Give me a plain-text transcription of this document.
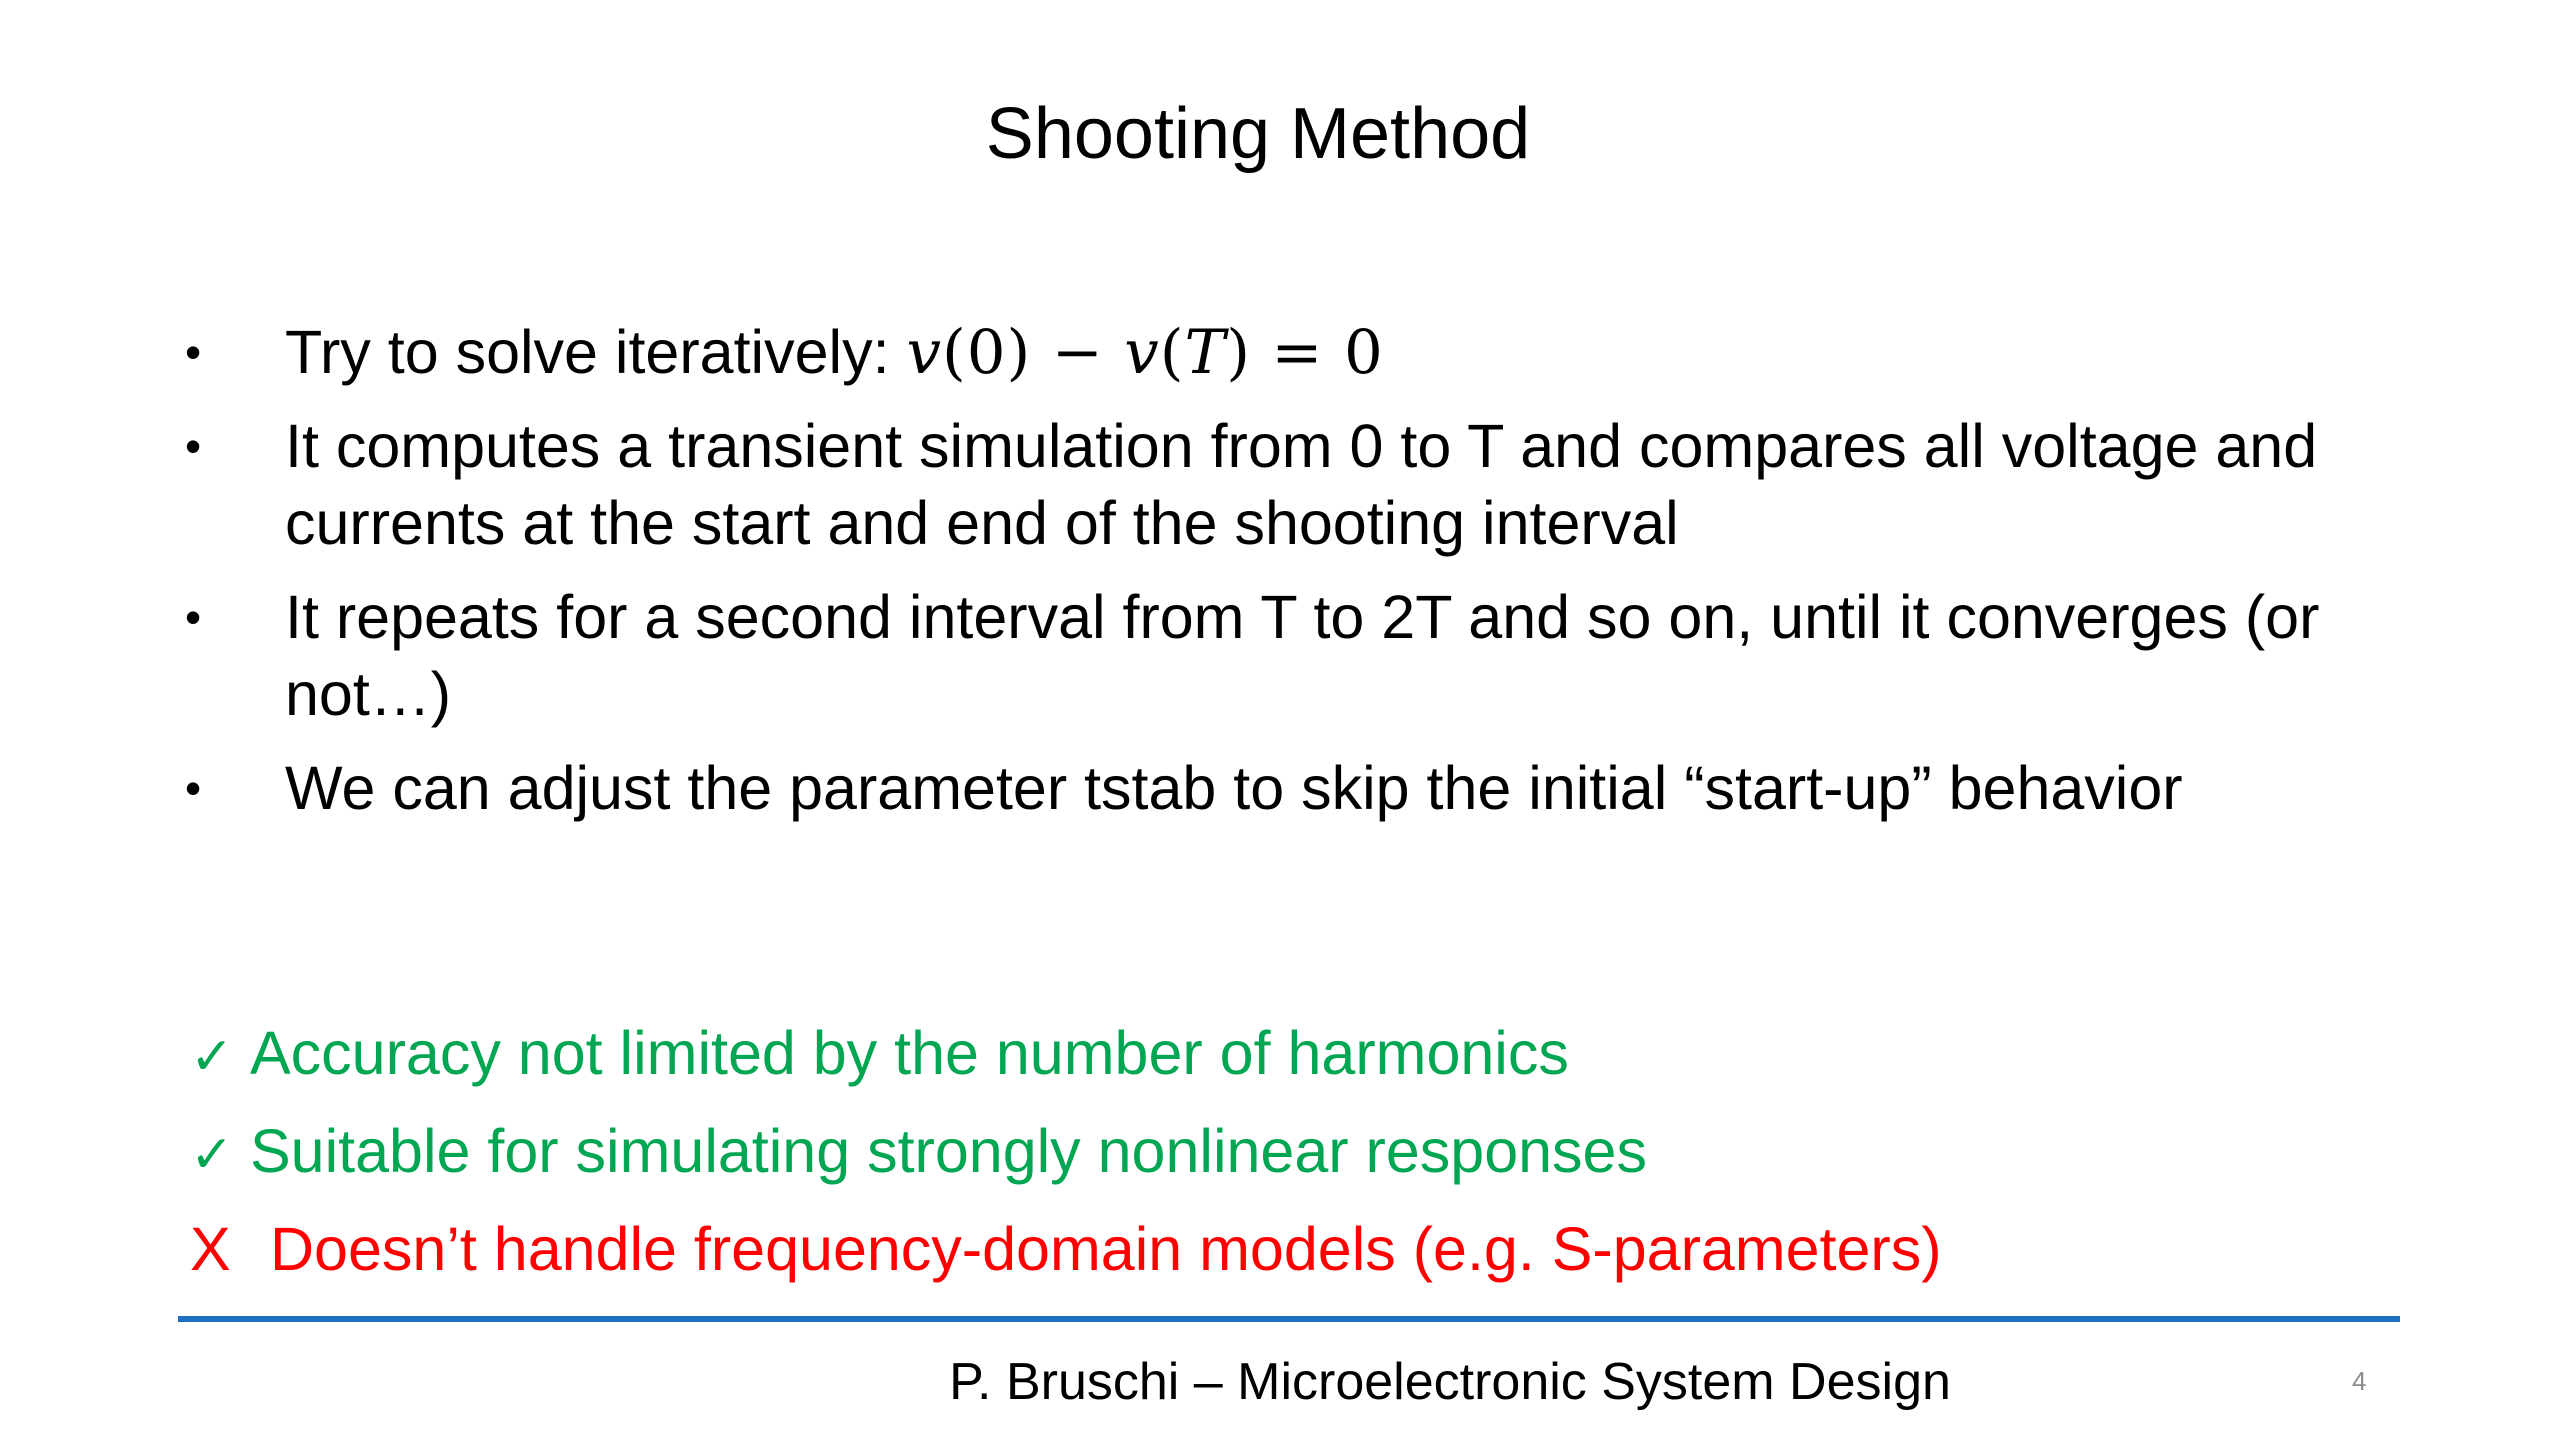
Shooting Method
• Try to solve iteratively: v(0) − v(T) = 0
• It computes a transient simulation from 0 to T and compares all voltage and currents at the start and end of the shooting interval
• It repeats for a second interval from T to 2T and so on, until it converges (or not…)
• We can adjust the parameter tstab to skip the initial “start-up” behavior
✓ Accuracy not limited by the number of harmonics
✓ Suitable for simulating strongly nonlinear responses
X Doesn’t handle frequency-domain models (e.g. S-parameters)
P. Bruschi – Microelectronic System Design	4
